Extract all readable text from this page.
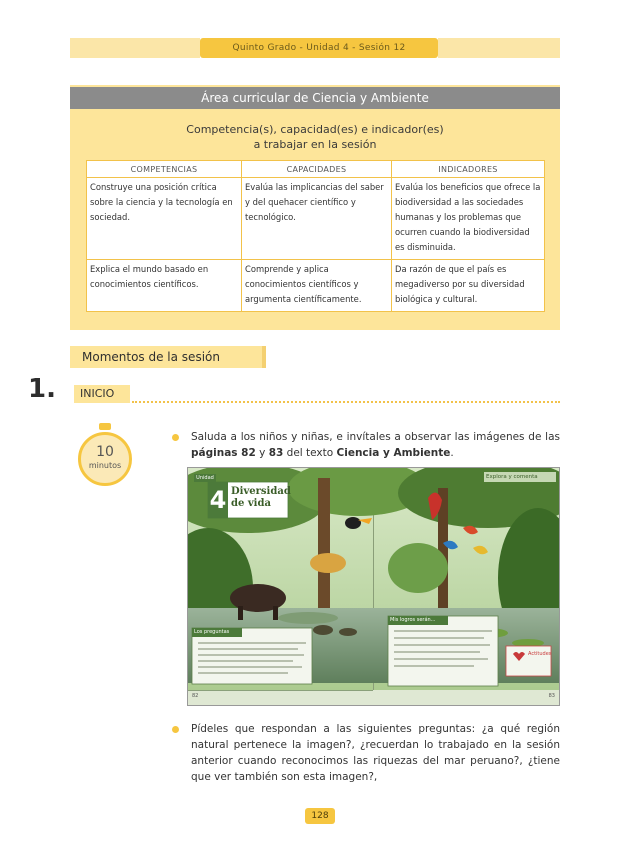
Quinto Grado - Unidad 4 - Sesión 12
Área curricular de Ciencia y Ambiente
Competencia(s), capacidad(es) e indicador(es)
a trabajar en la sesión
COMPETENCIAS	CAPACIDADES	INDICADORES
Construye una posición crítica sobre la ciencia y la tecnología en sociedad.	Evalúa las implicancias del saber y del quehacer científico y tecnológico.	Evalúa los beneficios que ofrece la biodiversidad a las sociedades humanas y los problemas que ocurren cuando la biodiversidad es disminuida.
Explica el mundo basado en conocimientos científicos.	Comprende y aplica conocimientos científicos y argumenta científicamente.	Da razón de que el país es megadiverso por su diversidad biológica y cultural.
Momentos de la sesión
1.	INICIO
10
minutos
Saluda a los niños y niñas, e invítales a observar las imágenes de las páginas 82 y 83 del texto Ciencia y Ambiente.
Unidad
4 Diversidad
de vida
Explora y comenta
Los preguntas
Mis logros serán...
Actitudes
82	83
Pídeles que respondan a las siguientes preguntas: ¿a qué región natural pertenece la imagen?, ¿recuerdan lo trabajado en la sesión anterior cuando reconocimos las riquezas del mar peruano?, ¿tiene que ver también son esta imagen?,
128
